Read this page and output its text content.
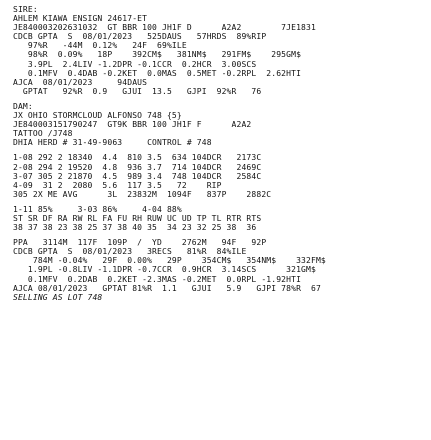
SIRE:
AHLEM KIAWA ENSIGN 24617-ET
JE840003202631032  GT BBR 100 JH1F D      A2A2        7JE1831
CDCB GPTA  S  08/01/2023   525DAUS   57HRDS  89%RIP
97%R   -44M  0.12%   24F  69%ILE
98%R  0.09%   18P    392CM$   381NM$   291FM$    295GM$
3.9PL  2.4LIV -1.2DPR -0.1CCR  0.2HCR  3.00SCS
0.1MFV  0.4DAB -0.2KET  0.0MAS  0.5MET -0.2RPL  2.62HTI
AJCA  08/01/2023     94DAUS
GPTAT   92%R  0.9   GJUI  13.5   GJPI  92%R   76
DAM:
JX OHIO STORMCLOUD ALFONSO 748 {5}
JE840003151790247  GT9K BBR 100 JH1F F      A2A2
TATTOO /J748
DHIA HERD # 31-49-9063     CONTROL # 748
1-08 292 2 18340  4.4  810 3.5  634 104DCR   2173C
2-08 294 2 19520  4.8  936 3.7  714 104DCR   2469C
3-07 305 2 21870  4.5  989 3.4  748 104DCR   2584C
4-09  31 2  2080  5.6  117 3.5   72    RIP
305 2X ME AVG      3L  23832M  1094F   837P    2882C
1-11 85%     3-03 86%     4-04 88%
ST SR DF RA RW RL FA FU RH RUW UC UD TP TL RTR RTS
38 37 38 23 38 25 37 38 40 35  34 23 32 25 38  36
PPA   3114M  117F  109P  /  YD    2762M   94F   92P
CDCB GPTA  S  08/01/2023   3RECS   81%R  84%ILE
784M -0.04%   29F  0.00%   29P    354CM$   354NM$    332FM$
1.9PL -0.8LIV -1.1DPR -0.7CCR  0.9HCR  3.14SCS      321GM$
0.1MFV  0.2DAB  0.2KET -2.3MAS -0.2MET  0.0RPL -1.92HTI
AJCA 08/01/2023   GPTAT 81%R  1.1   GJUI   5.9   GJPI 78%R  67
SELLING AS LOT 748
